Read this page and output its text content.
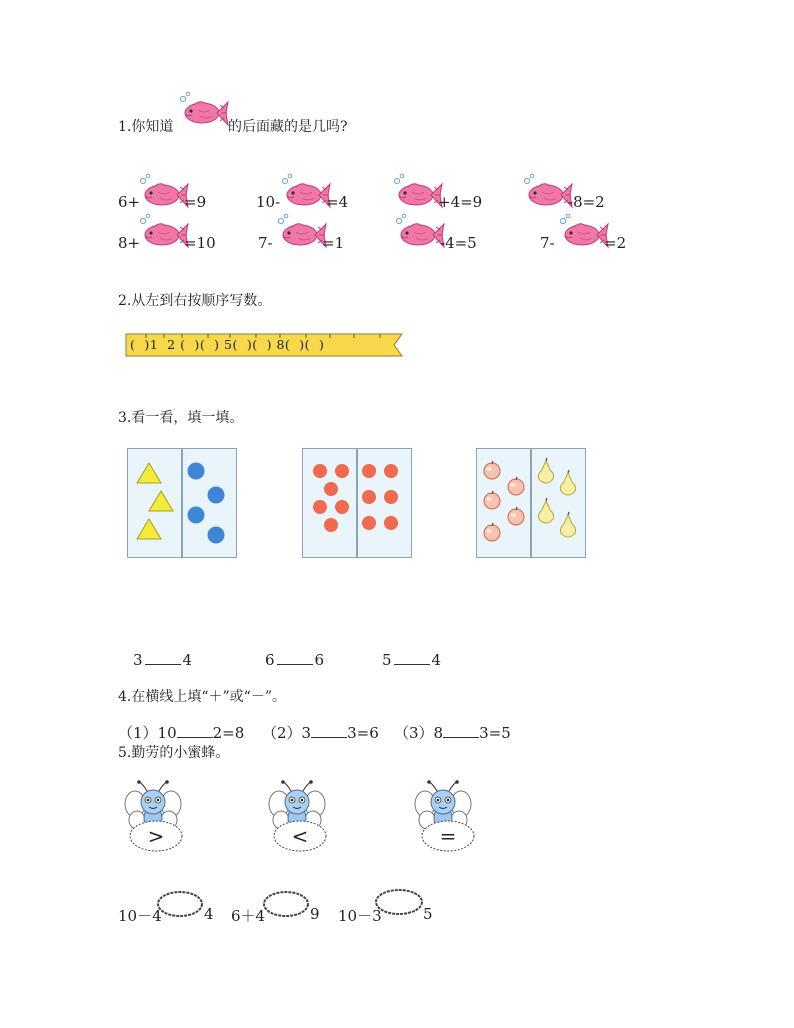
1.你知道	的后面藏的是几吗?
6+	=9	10-	=4	+4=9	-8=2
8+	=10	7-	=1	-4=5	7-	=2
2.从左到右按顺序写数。
( )1 2 ( )( ) 5( )( ) 8( )( )
3.看一看，填一填。
3	4	6	6	5	4
4.在横线上填“＋”或“－”。
（1）10 2=8 （2）3 3=6 （3）8 3=5
5.勤劳的小蜜蜂。
>	<	=
10－4	4 6＋4	9 10－3	5
